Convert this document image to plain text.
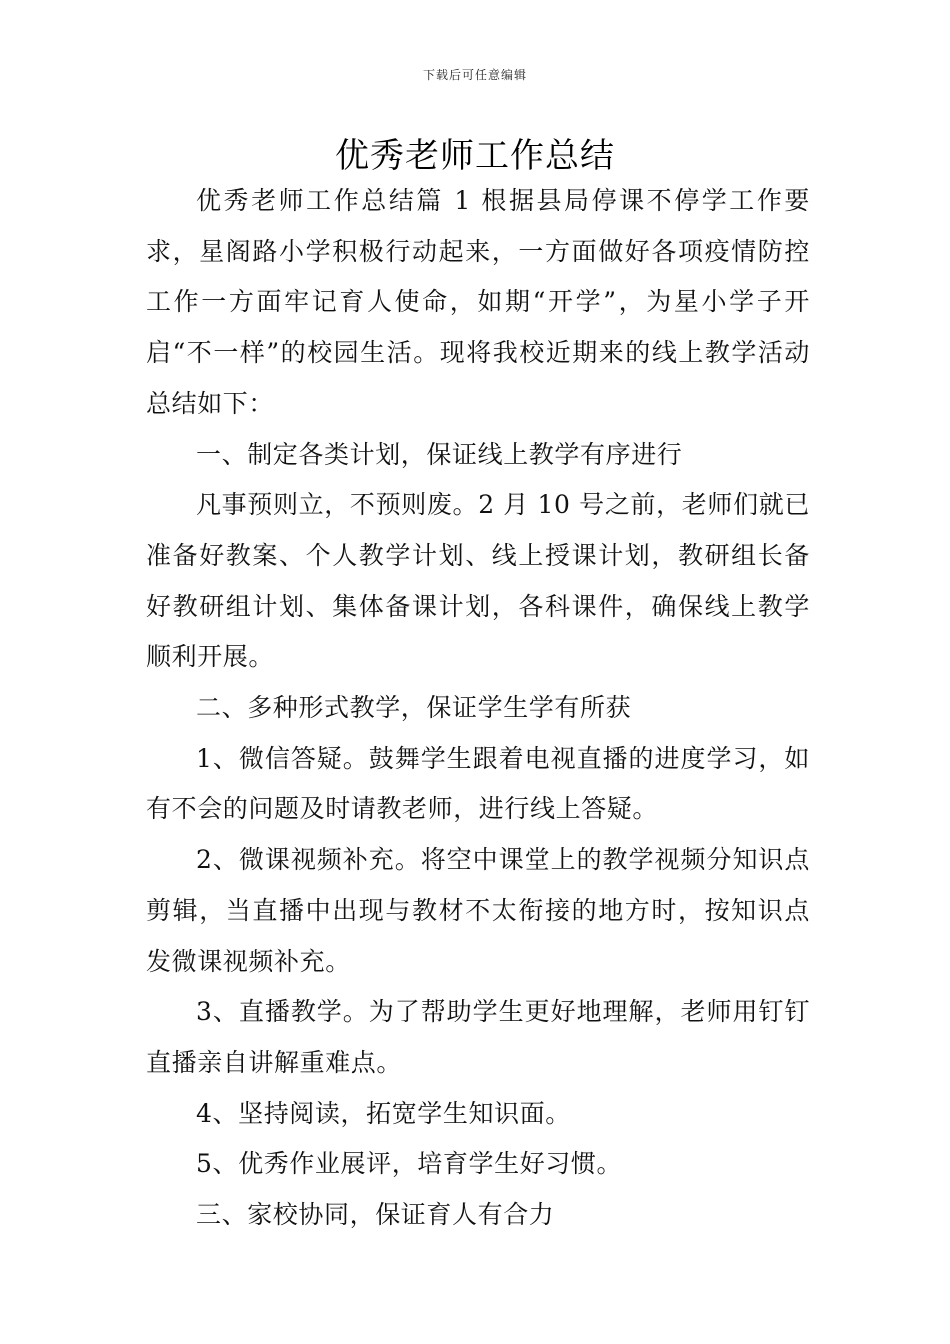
下载后可任意编辑
优秀老师工作总结

优秀老师工作总结篇 1 根据县局停课不停学工作要求，星阁路小学积极行动起来，一方面做好各项疫情防控工作一方面牢记育人使命，如期“开学”，为星小学子开启“不一样”的校园生活。现将我校近期来的线上教学活动总结如下：

一、制定各类计划，保证线上教学有序进行

凡事预则立，不预则废。2 月 10 号之前，老师们就已准备好教案、个人教学计划、线上授课计划，教研组长备好教研组计划、集体备课计划，各科课件，确保线上教学顺利开展。

二、多种形式教学，保证学生学有所获

1、微信答疑。鼓舞学生跟着电视直播的进度学习，如有不会的问题及时请教老师，进行线上答疑。

2、微课视频补充。将空中课堂上的教学视频分知识点剪辑，当直播中出现与教材不太衔接的地方时，按知识点发微课视频补充。

3、直播教学。为了帮助学生更好地理解，老师用钉钉直播亲自讲解重难点。

4、坚持阅读，拓宽学生知识面。

5、优秀作业展评，培育学生好习惯。

三、家校协同，保证育人有合力
